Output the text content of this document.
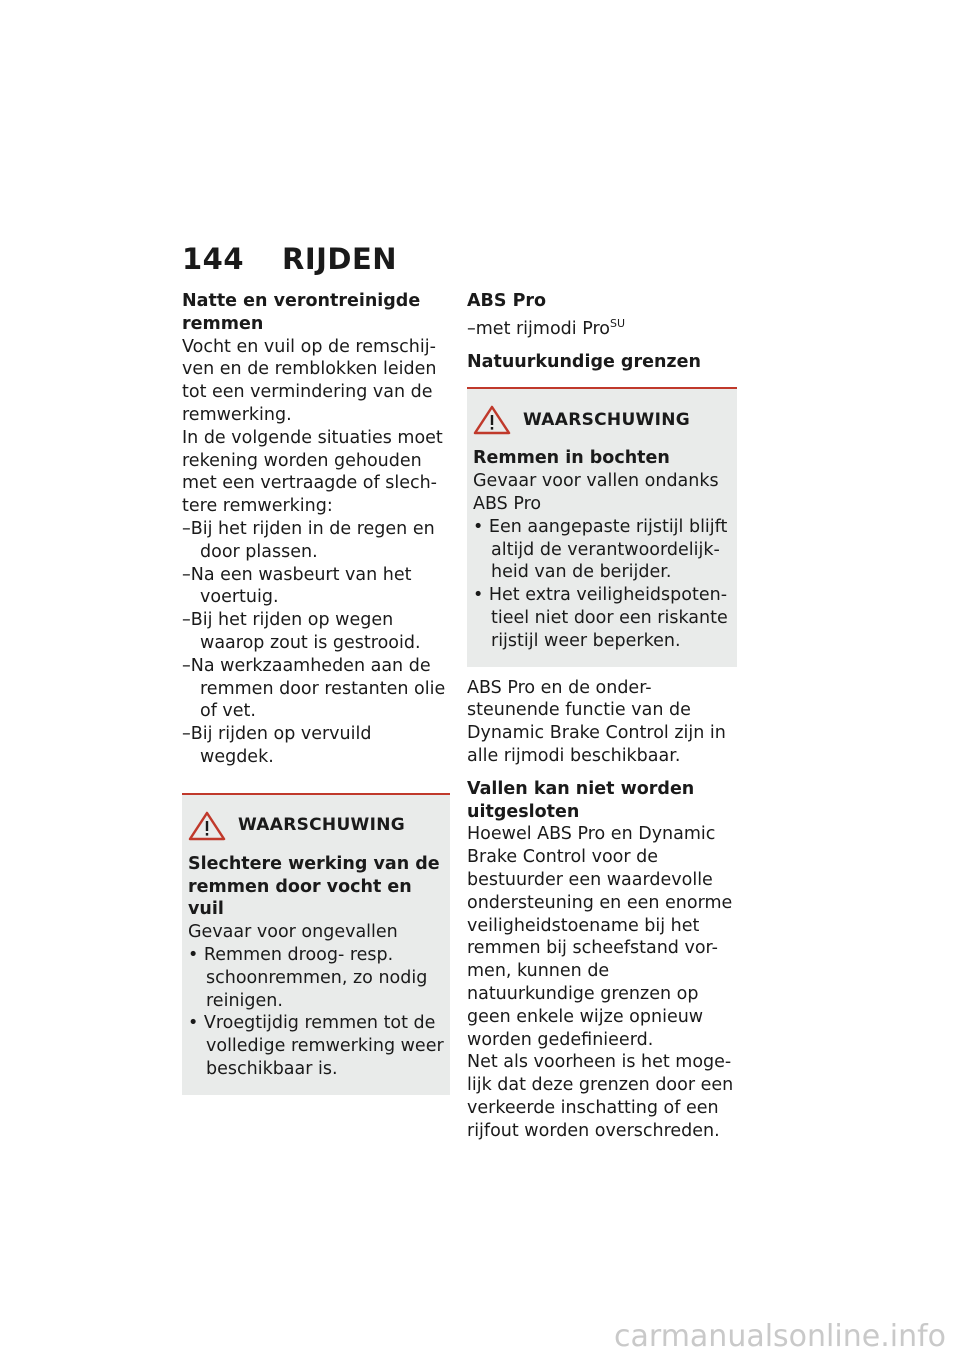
144 RIJDEN
Natte en verontreinigde remmen

Vocht en vuil op de remschij-ven en de remblokken leiden tot een vermindering van de remwerking.

In de volgende situaties moet rekening worden gehouden met een vertraagde of slech-tere remwerking:

–Bij het rijden in de regen en door plassen.
–Na een wasbeurt van het voertuig.
–Bij het rijden op wegen waarop zout is gestrooid.
–Na werkzaamheden aan de remmen door restanten olie of vet.
–Bij rijden op vervuild wegdek.
WAARSCHUWING
Slechtere werking van de remmen door vocht en vuil
Gevaar voor ongevallen
• Remmen droog- resp. schoonremmen, zo nodig reinigen.
• Vroegtijdig remmen tot de volledige remwerking weer beschikbaar is.
ABS Pro
–met rijmodi Pro$^{SU}$
Natuurkundige grenzen
WAARSCHUWING
Remmen in bochten
Gevaar voor vallen ondanks ABS Pro
• Een aangepaste rijstijl blijft altijd de verantwoordelijk-heid van de berijder.
• Het extra veiligheidspoten-tieel niet door een riskante rijstijl weer beperken.

ABS Pro en de onder-steunende functie van de Dynamic Brake Control zijn in alle rijmodi beschikbaar.

Vallen kan niet worden uitgesloten

Hoewel ABS Pro en Dynamic Brake Control voor de bestuurder een waardevolle ondersteuning en een enorme veiligheidstoename bij het remmen bij scheefstand vor-men, kunnen de natuurkundige grenzen op geen enkele wijze opnieuw worden gedefinieerd.

Net als voorheen is het moge-lijk dat deze grenzen door een verkeerde inschatting of een rijfout worden overschreden.

carmanualsonline.info
